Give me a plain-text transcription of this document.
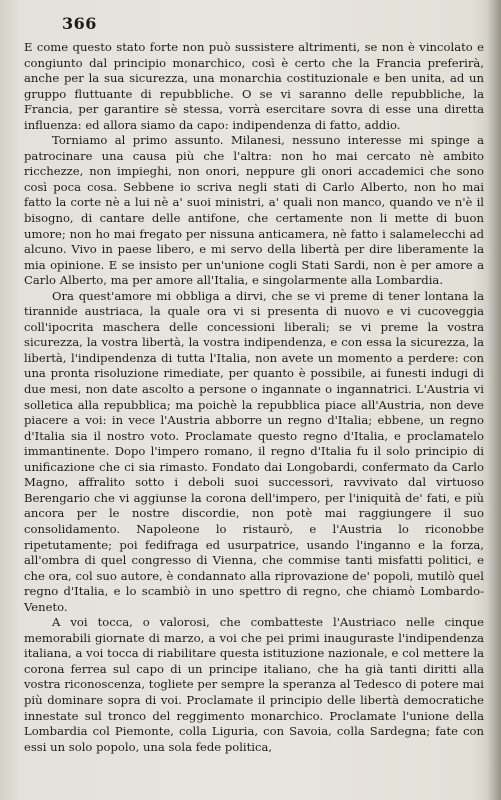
366

E come questo stato forte non può sussistere altrimenti, se non è vincolato e congiunto dal principio monarchico, così è certo che la Francia preferirà, anche per la sua sicurezza, una monarchia costituzionale e ben unita, ad un gruppo fluttuante di repubbliche. O se vi saranno delle repubbliche, la Francia, per garantire sè stessa, vorrà esercitare sovra di esse una diretta influenza: ed allora siamo da capo: indipendenza di fatto, addio.

Torniamo al primo assunto. Milanesi, nessuno interesse mi spinge a patrocinare una causa più che l'altra: non ho mai cercato nè ambito ricchezze, non impieghi, non onori, neppure gli onori accademici che sono così poca cosa. Sebbene io scriva negli stati di Carlo Alberto, non ho mai fatto la corte nè a lui nè a' suoi ministri, a' quali non manco, quando ve n'è il bisogno, di cantare delle antifone, che certamente non li mette di buon umore; non ho mai fregato per nissuna anticamera, nè fatto i salamelecchi ad alcuno. Vivo in paese libero, e mi servo della libertà per dire liberamente la mia opinione. E se insisto per un'unione cogli Stati Sardi, non è per amore a Carlo Alberto, ma per amore all'Italia, e singolarmente alla Lombardia.

Ora quest'amore mi obbliga a dirvi, che se vi preme di tener lontana la tirannide austriaca, la quale ora vi si presenta di nuovo e vi cucoveggia coll'ipocrita maschera delle concessioni liberali; se vi preme la vostra sicurezza, la vostra libertà, la vostra indipendenza, e con essa la sicurezza, la libertà, l'indipendenza di tutta l'Italia, non avete un momento a perdere: con una pronta risoluzione rimediate, per quanto è possibile, ai funesti indugi di due mesi, non date ascolto a persone o ingannate o ingannatrici. L'Austria vi solletica alla repubblica; ma poichè la repubblica piace all'Austria, non deve piacere a voi: in vece l'Austria abborre un regno d'Italia; ebbene, un regno d'Italia sia il nostro voto. Proclamate questo regno d'Italia, e proclamatelo immantinente. Dopo l'impero romano, il regno d'Italia fu il solo principio di unificazione che ci sia rimasto. Fondato dai Longobardi, confermato da Carlo Magno, affralito sotto i deboli suoi successori, ravvivato dal virtuoso Berengario che vi aggiunse la corona dell'impero, per l'iniquità de' fati, e più ancora per le nostre discordie, non potè mai raggiungere il suo consolidamento. Napoleone lo ristaurò, e l'Austria lo riconobbe ripetutamente; poi fedifraga ed usurpatrice, usando l'inganno e la forza, all'ombra di quel congresso di Vienna, che commise tanti misfatti politici, e che ora, col suo autore, è condannato alla riprovazione de' popoli, mutilò quel regno d'Italia, e lo scambiò in uno spettro di regno, che chiamò Lombardo-Veneto.

A voi tocca, o valorosi, che combatteste l'Austriaco nelle cinque memorabili giornate di marzo, a voi che pei primi inauguraste l'indipendenza italiana, a voi tocca di riabilitare questa istituzione nazionale, e col mettere la corona ferrea sul capo di un principe italiano, che ha già tanti diritti alla vostra riconoscenza, togliete per sempre la speranza al Tedesco di potere mai più dominare sopra di voi. Proclamate il principio delle libertà democratiche innestate sul tronco del reggimento monarchico. Proclamate l'unione della Lombardia col Piemonte, colla Liguria, con Savoia, colla Sardegna; fate con essi un solo popolo, una sola fede politica,
